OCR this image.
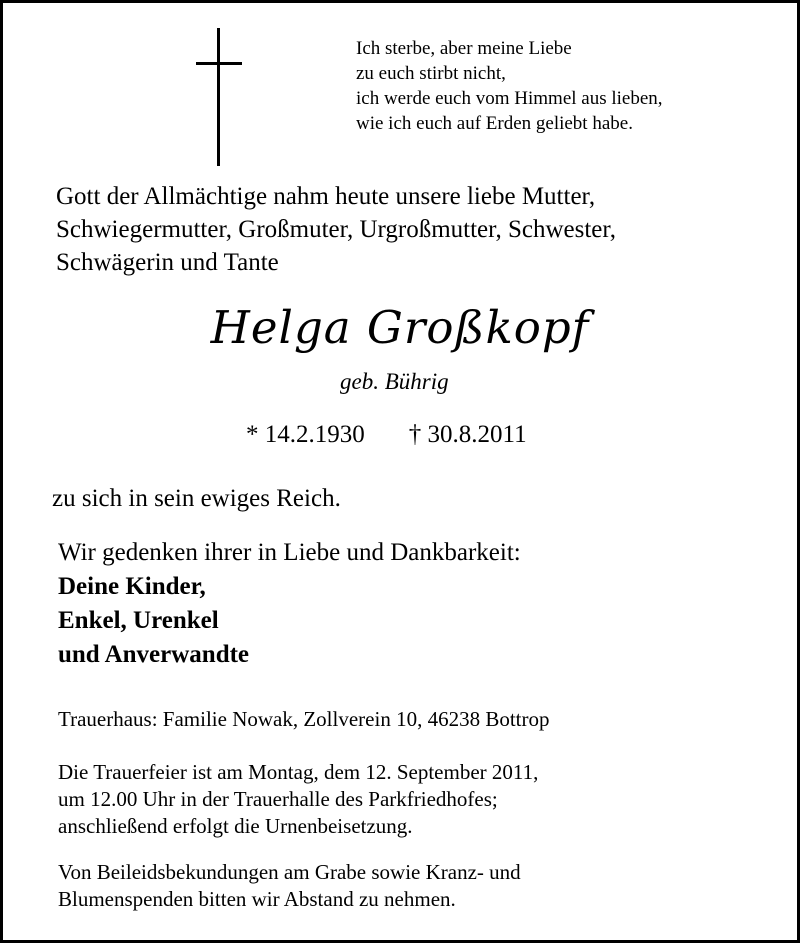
Ich sterbe, aber meine Liebe
zu euch stirbt nicht,
ich werde euch vom Himmel aus lieben,
wie ich euch auf Erden geliebt habe.
Gott der Allmächtige nahm heute unsere liebe Mutter,
Schwiegermutter, Großmuter, Urgroßmutter, Schwester,
Schwägerin und Tante
Helga Großkopf
geb. Bührig
* 14.2.1930 † 30.8.2011
zu sich in sein ewiges Reich.
Wir gedenken ihrer in Liebe und Dankbarkeit:
Deine Kinder,
Enkel, Urenkel
und Anverwandte
Trauerhaus: Familie Nowak, Zollverein 10, 46238 Bottrop
Die Trauerfeier ist am Montag, dem 12. September 2011,
um 12.00 Uhr in der Trauerhalle des Parkfriedhofes;
anschließend erfolgt die Urnenbeisetzung.
Von Beileidsbekundungen am Grabe sowie Kranz- und
Blumenspenden bitten wir Abstand zu nehmen.
